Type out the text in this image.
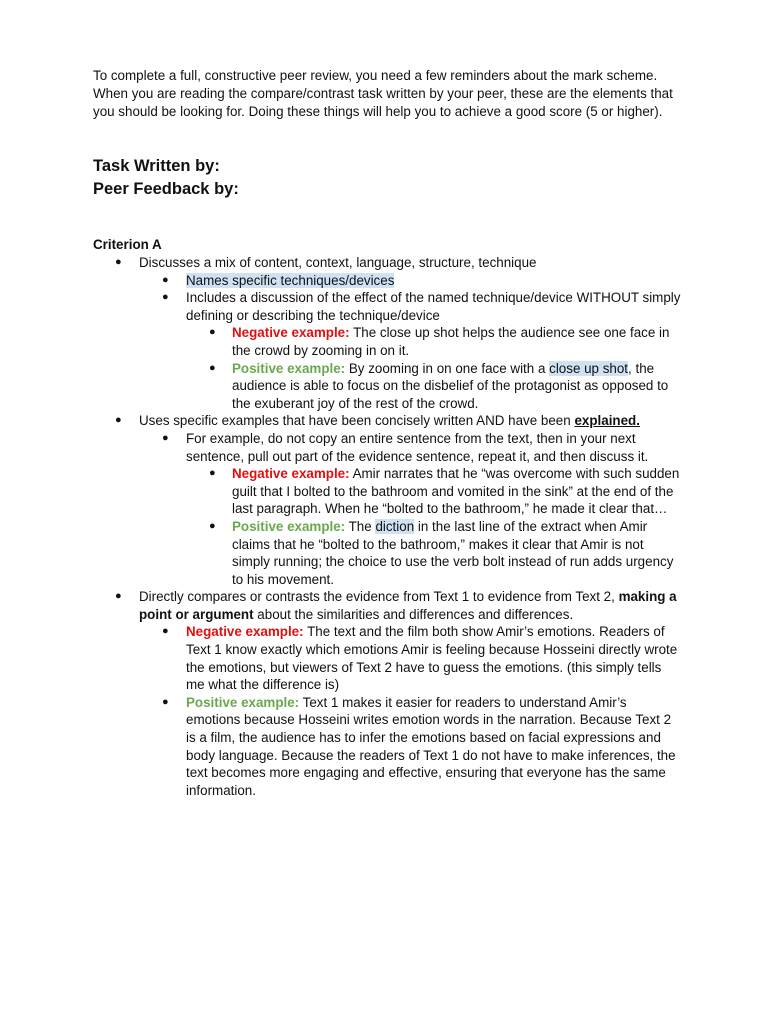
To complete a full, constructive peer review, you need a few reminders about the mark scheme. When you are reading the compare/contrast task written by your peer, these are the elements that you should be looking for. Doing these things will help you to achieve a good score (5 or higher).

Task Written by:

Peer Feedback by:

Criterion A

● Discusses a mix of content, context, language, structure, technique
● Names specific techniques/devices
● Includes a discussion of the effect of the named technique/device WITHOUT simply defining or describing the technique/device
● Negative example: The close up shot helps the audience see one face in the crowd by zooming in on it.
● Positive example: By zooming in on one face with a close up shot, the audience is able to focus on the disbelief of the protagonist as opposed to the exuberant joy of the rest of the crowd.
● Uses specific examples that have been concisely written AND have been explained.
● For example, do not copy an entire sentence from the text, then in your next sentence, pull out part of the evidence sentence, repeat it, and then discuss it.
● Negative example: Amir narrates that he “was overcome with such sudden guilt that I bolted to the bathroom and vomited in the sink” at the end of the last paragraph. When he “bolted to the bathroom,” he made it clear that…
● Positive example: The diction in the last line of the extract when Amir claims that he “bolted to the bathroom,” makes it clear that Amir is not simply running; the choice to use the verb bolt instead of run adds urgency to his movement.
● Directly compares or contrasts the evidence from Text 1 to evidence from Text 2, making a point or argument about the similarities and differences and differences.
● Negative example: The text and the film both show Amir’s emotions. Readers of Text 1 know exactly which emotions Amir is feeling because Hosseini directly wrote the emotions, but viewers of Text 2 have to guess the emotions. (this simply tells me what the difference is)
● Positive example: Text 1 makes it easier for readers to understand Amir’s emotions because Hosseini writes emotion words in the narration. Because Text 2 is a film, the audience has to infer the emotions based on facial expressions and body language. Because the readers of Text 1 do not have to make inferences, the text becomes more engaging and effective, ensuring that everyone has the same information.
